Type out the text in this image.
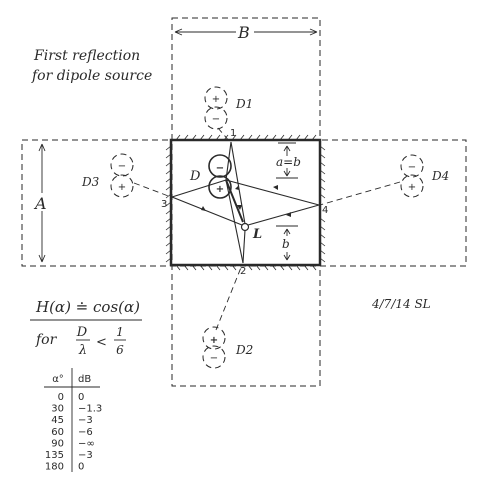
First reflection
for dipole source
B
A
+
−
D1
+
−
D2
−
+
D3
−
+
D4
−
+
D
L
1
2
3
4
a=b
b
4/7/14 SL
H(α) ≐ cos(α)
for D
λ
<
1
6
α° dB
0 0
30 −1.3
45 −3
60 −6
90 −∞
135 −3
180 0
